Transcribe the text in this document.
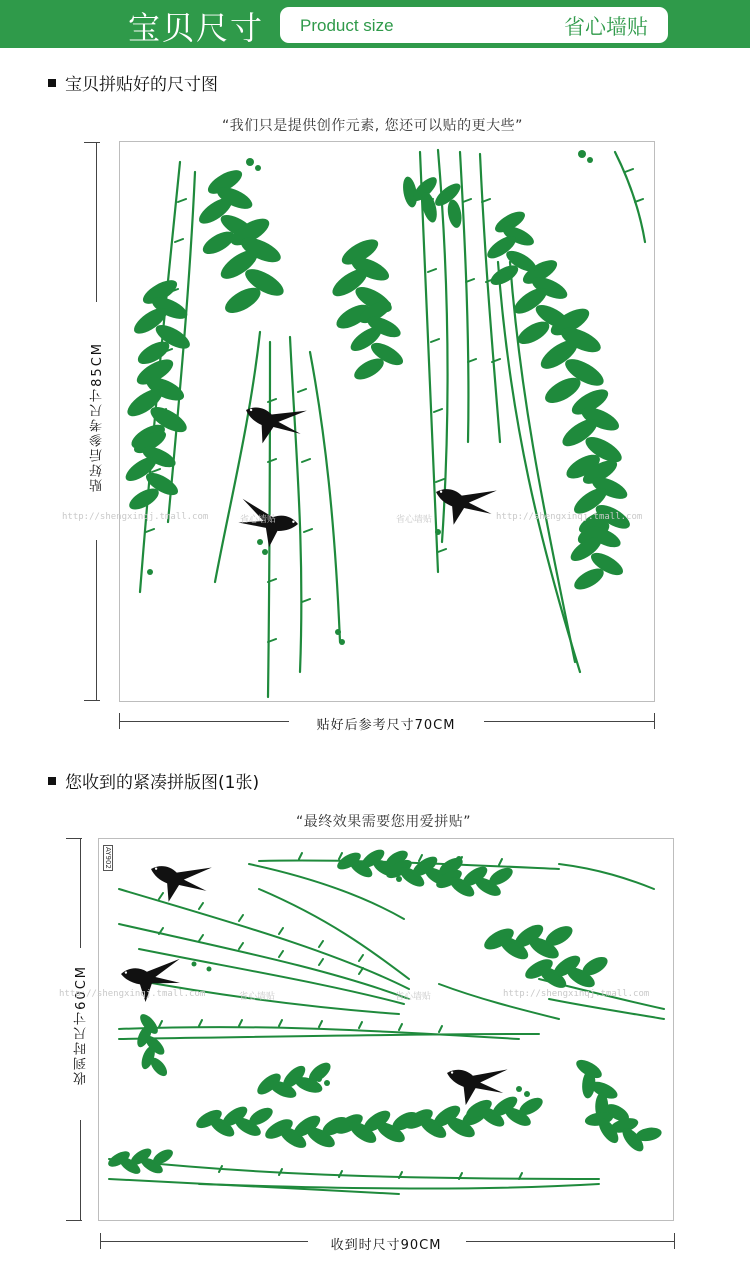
宝贝尺寸 Product size	省心墙贴
宝贝拼贴好的尺寸图
“我们只是提供创作元素, 您还可以贴的更大些”
贴好后参考尺寸85CM
http://shengxinqj.tmall.com	省心墙贴	省心墙贴	http://shengxinqj.tmall.com
贴好后参考尺寸70CM
您收到的紧凑拼版图(1张)
“最终效果需要您用爱拼贴”
收到时尺寸60CM
AY902
http://shengxinqj.tmall.com	省心墙贴	省心墙贴	http://shengxinqj.tmall.com
收到时尺寸90CM
